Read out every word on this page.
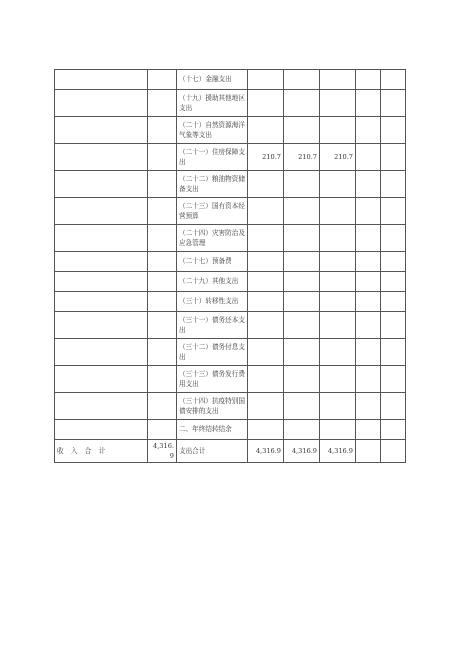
		（十七）金融支出					
		（十九）援助其他地区支出					
		（二十）自然资源海洋气象等支出					
		（二十一）住房保障支出	210.7	210.7	210.7		
		（二十二）粮油物资储备支出					
		（二十三）国有资本经营预算					
		（二十四）灾害防治及应急管理					
		（二十七）预备费					
		（二十九）其他支出					
		（三十）转移性支出					
		（三十一）债务还本支出					
		（三十二）债务付息支出					
		（三十三）债务发行费用支出					
		（三十四）抗疫特别国债安排的支出					
		二、年终结转结余					
收 入 合 计	4,316.9	支出合计	4,316.9	4,316.9	4,316.9		
